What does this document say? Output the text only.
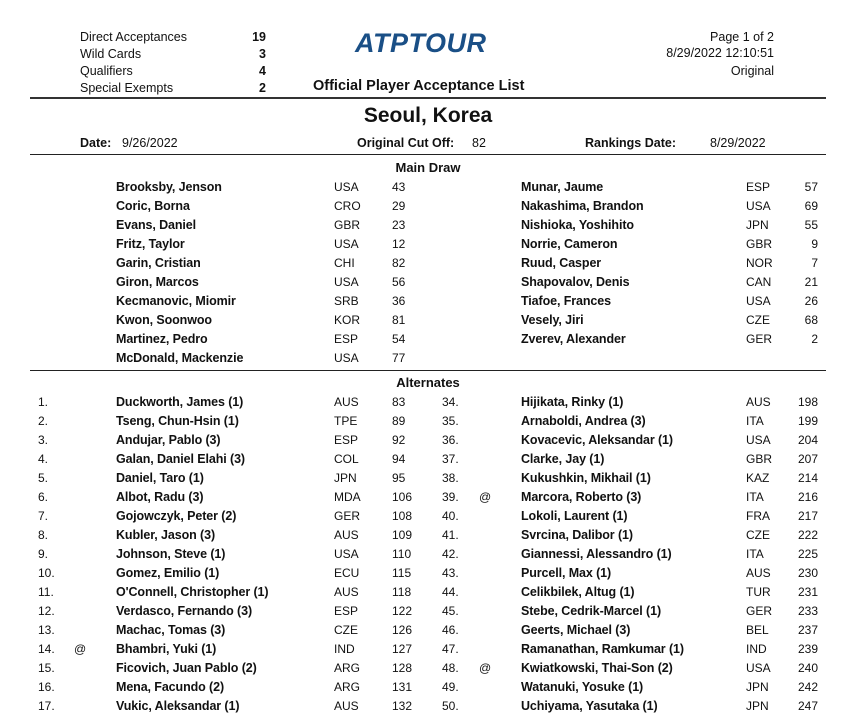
Direct Acceptances	19
Wild Cards	3
Qualifiers	4
Special Exempts	2
ATPTOUR
Official Player Acceptance List
Page 1 of 2
8/29/2022 12:10:51
Original
Seoul, Korea
Date: 9/26/2022	Original Cut Off: 82	Rankings Date:	8/29/2022
Main Draw
Brooksby, Jenson	USA	43
Coric, Borna	CRO	29
Evans, Daniel	GBR	23
Fritz, Taylor	USA	12
Garin, Cristian	CHI	82
Giron, Marcos	USA	56
Kecmanovic, Miomir	SRB	36
Kwon, Soonwoo	KOR	81
Martinez, Pedro	ESP	54
McDonald, Mackenzie	USA	77
Munar, Jaume	ESP	57
Nakashima, Brandon	USA	69
Nishioka, Yoshihito	JPN	55
Norrie, Cameron	GBR	9
Ruud, Casper	NOR	7
Shapovalov, Denis	CAN	21
Tiafoe, Frances	USA	26
Vesely, Jiri	CZE	68
Zverev, Alexander	GER	2
Alternates
1.	Duckworth, James (1)	AUS	83
2.	Tseng, Chun-Hsin (1)	TPE	89
3.	Andujar, Pablo (3)	ESP	92
4.	Galan, Daniel Elahi (3)	COL	94
5.	Daniel, Taro (1)	JPN	95
6.	Albot, Radu (3)	MDA	106
7.	Gojowczyk, Peter (2)	GER	108
8.	Kubler, Jason (3)	AUS	109
9.	Johnson, Steve (1)	USA	110
10.	Gomez, Emilio (1)	ECU	115
11.	O'Connell, Christopher (1)	AUS	118
12.	Verdasco, Fernando (3)	ESP	122
13.	Machac, Tomas (3)	CZE	126
14. @ Bhambri, Yuki (1)	IND	127
15.	Ficovich, Juan Pablo (2)	ARG	128
16.	Mena, Facundo (2)	ARG	131
17.	Vukic, Aleksandar (1)	AUS	132
34.	Hijikata, Rinky (1)	AUS	198
35.	Arnaboldi, Andrea (3)	ITA	199
36.	Kovacevic, Aleksandar (1)	USA	204
37.	Clarke, Jay (1)	GBR	207
38.	Kukushkin, Mikhail (1)	KAZ	214
39. @ Marcora, Roberto (3)	ITA	216
40.	Lokoli, Laurent (1)	FRA	217
41.	Svrcina, Dalibor (1)	CZE	222
42.	Giannessi, Alessandro (1)	ITA	225
43.	Purcell, Max (1)	AUS	230
44.	Celikbilek, Altug (1)	TUR	231
45.	Stebe, Cedrik-Marcel (1)	GER	233
46.	Geerts, Michael (3)	BEL	237
47.	Ramanathan, Ramkumar (1)	IND	239
48. @ Kwiatkowski, Thai-Son (2)	USA	240
49.	Watanuki, Yosuke (1)	JPN	242
50.	Uchiyama, Yasutaka (1)	JPN	247
